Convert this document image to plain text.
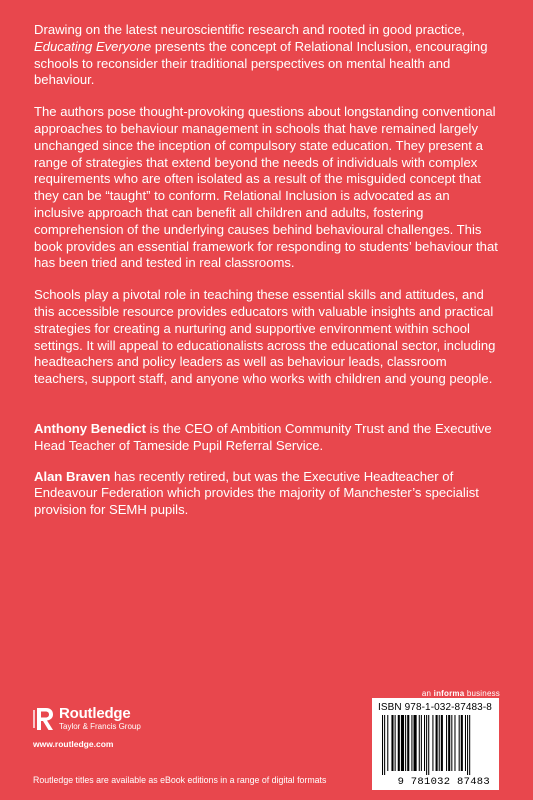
Drawing on the latest neuroscientific research and rooted in good practice, Educating Everyone presents the concept of Relational Inclusion, encouraging schools to reconsider their traditional perspectives on mental health and behaviour.

The authors pose thought-provoking questions about longstanding conventional approaches to behaviour management in schools that have remained largely unchanged since the inception of compulsory state education. They present a range of strategies that extend beyond the needs of individuals with complex requirements who are often isolated as a result of the misguided concept that they can be “taught” to conform. Relational Inclusion is advocated as an inclusive approach that can benefit all children and adults, fostering comprehension of the underlying causes behind behavioural challenges. This book provides an essential framework for responding to students’ behaviour that has been tried and tested in real classrooms.

Schools play a pivotal role in teaching these essential skills and attitudes, and this accessible resource provides educators with valuable insights and practical strategies for creating a nurturing and supportive environment within school settings. It will appeal to educationalists across the educational sector, including headteachers and policy leaders as well as behaviour leads, classroom teachers, support staff, and anyone who works with children and young people.

Anthony Benedict is the CEO of Ambition Community Trust and the Executive Head Teacher of Tameside Pupil Referral Service.

Alan Braven has recently retired, but was the Executive Headteacher of Endeavour Federation which provides the majority of Manchester’s specialist provision for SEMH pupils.

an informa business
Routledge
Taylor & Francis Group
www.routledge.com
Routledge titles are available as eBook editions in a range of digital formats
ISBN 978-1-032-87483-8
9 781032 87483
